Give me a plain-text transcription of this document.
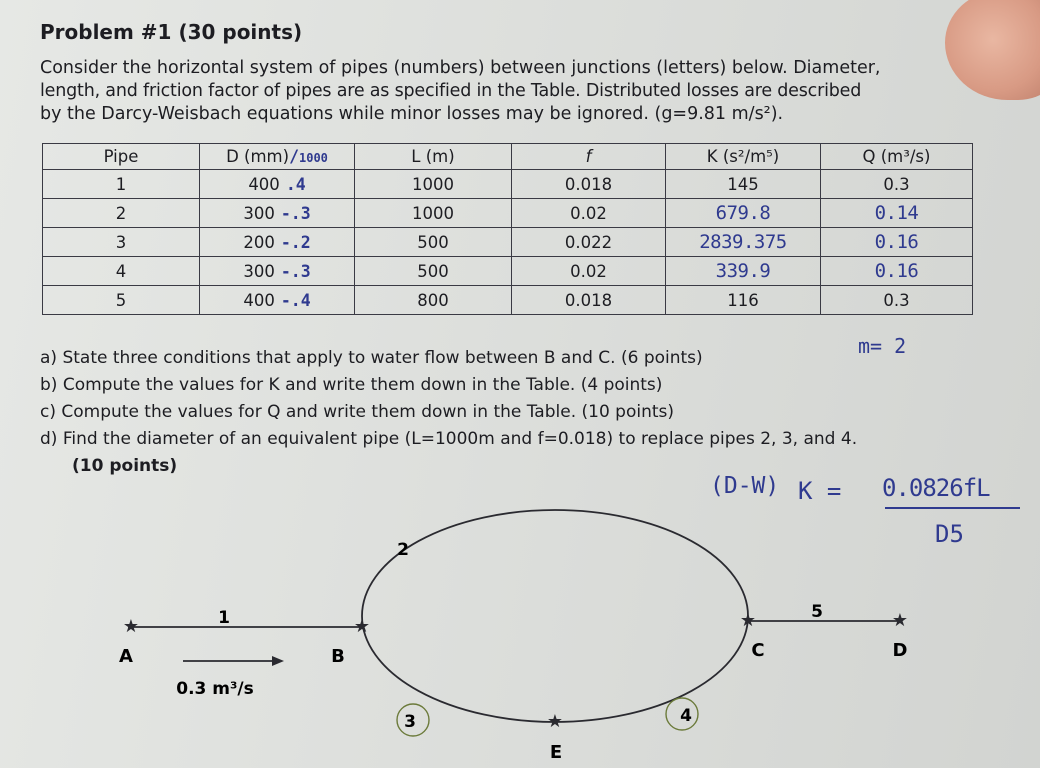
Problem #1 (30 points)
Consider the horizontal system of pipes (numbers) between junctions (letters) below. Diameter,
length, and friction factor of pipes are as specified in the Table. Distributed losses are described
by the Darcy-Weisbach equations while minor losses may be ignored. (g=9.81 m/s²).
Pipe	D (mm)/1000	L (m)	f	K (s²/m⁵)	Q (m³/s)
1	400 .4	1000	0.018	145	0.3
2	300 -.3	1000	0.02	679.8	0.14
3	200 -.2	500	0.022	2839.375	0.16
4	300 -.3	500	0.02	339.9	0.16
5	400 -.4	800	0.018	116	0.3
a) State three conditions that apply to water flow between B and C. (6 points)
b) Compute the values for K and write them down in the Table. (4 points)
c) Compute the values for Q and write them down in the Table. (10 points)
d) Find the diameter of an equivalent pipe (L=1000m and f=0.018) to replace pipes 2, 3, and 4.
(10 points)
m= 2
(D-W) K = 0.0826fL
D5
★	★	★	★
★
A	B	C	D
E
1
2
3	4
5
0.3 m³/s
